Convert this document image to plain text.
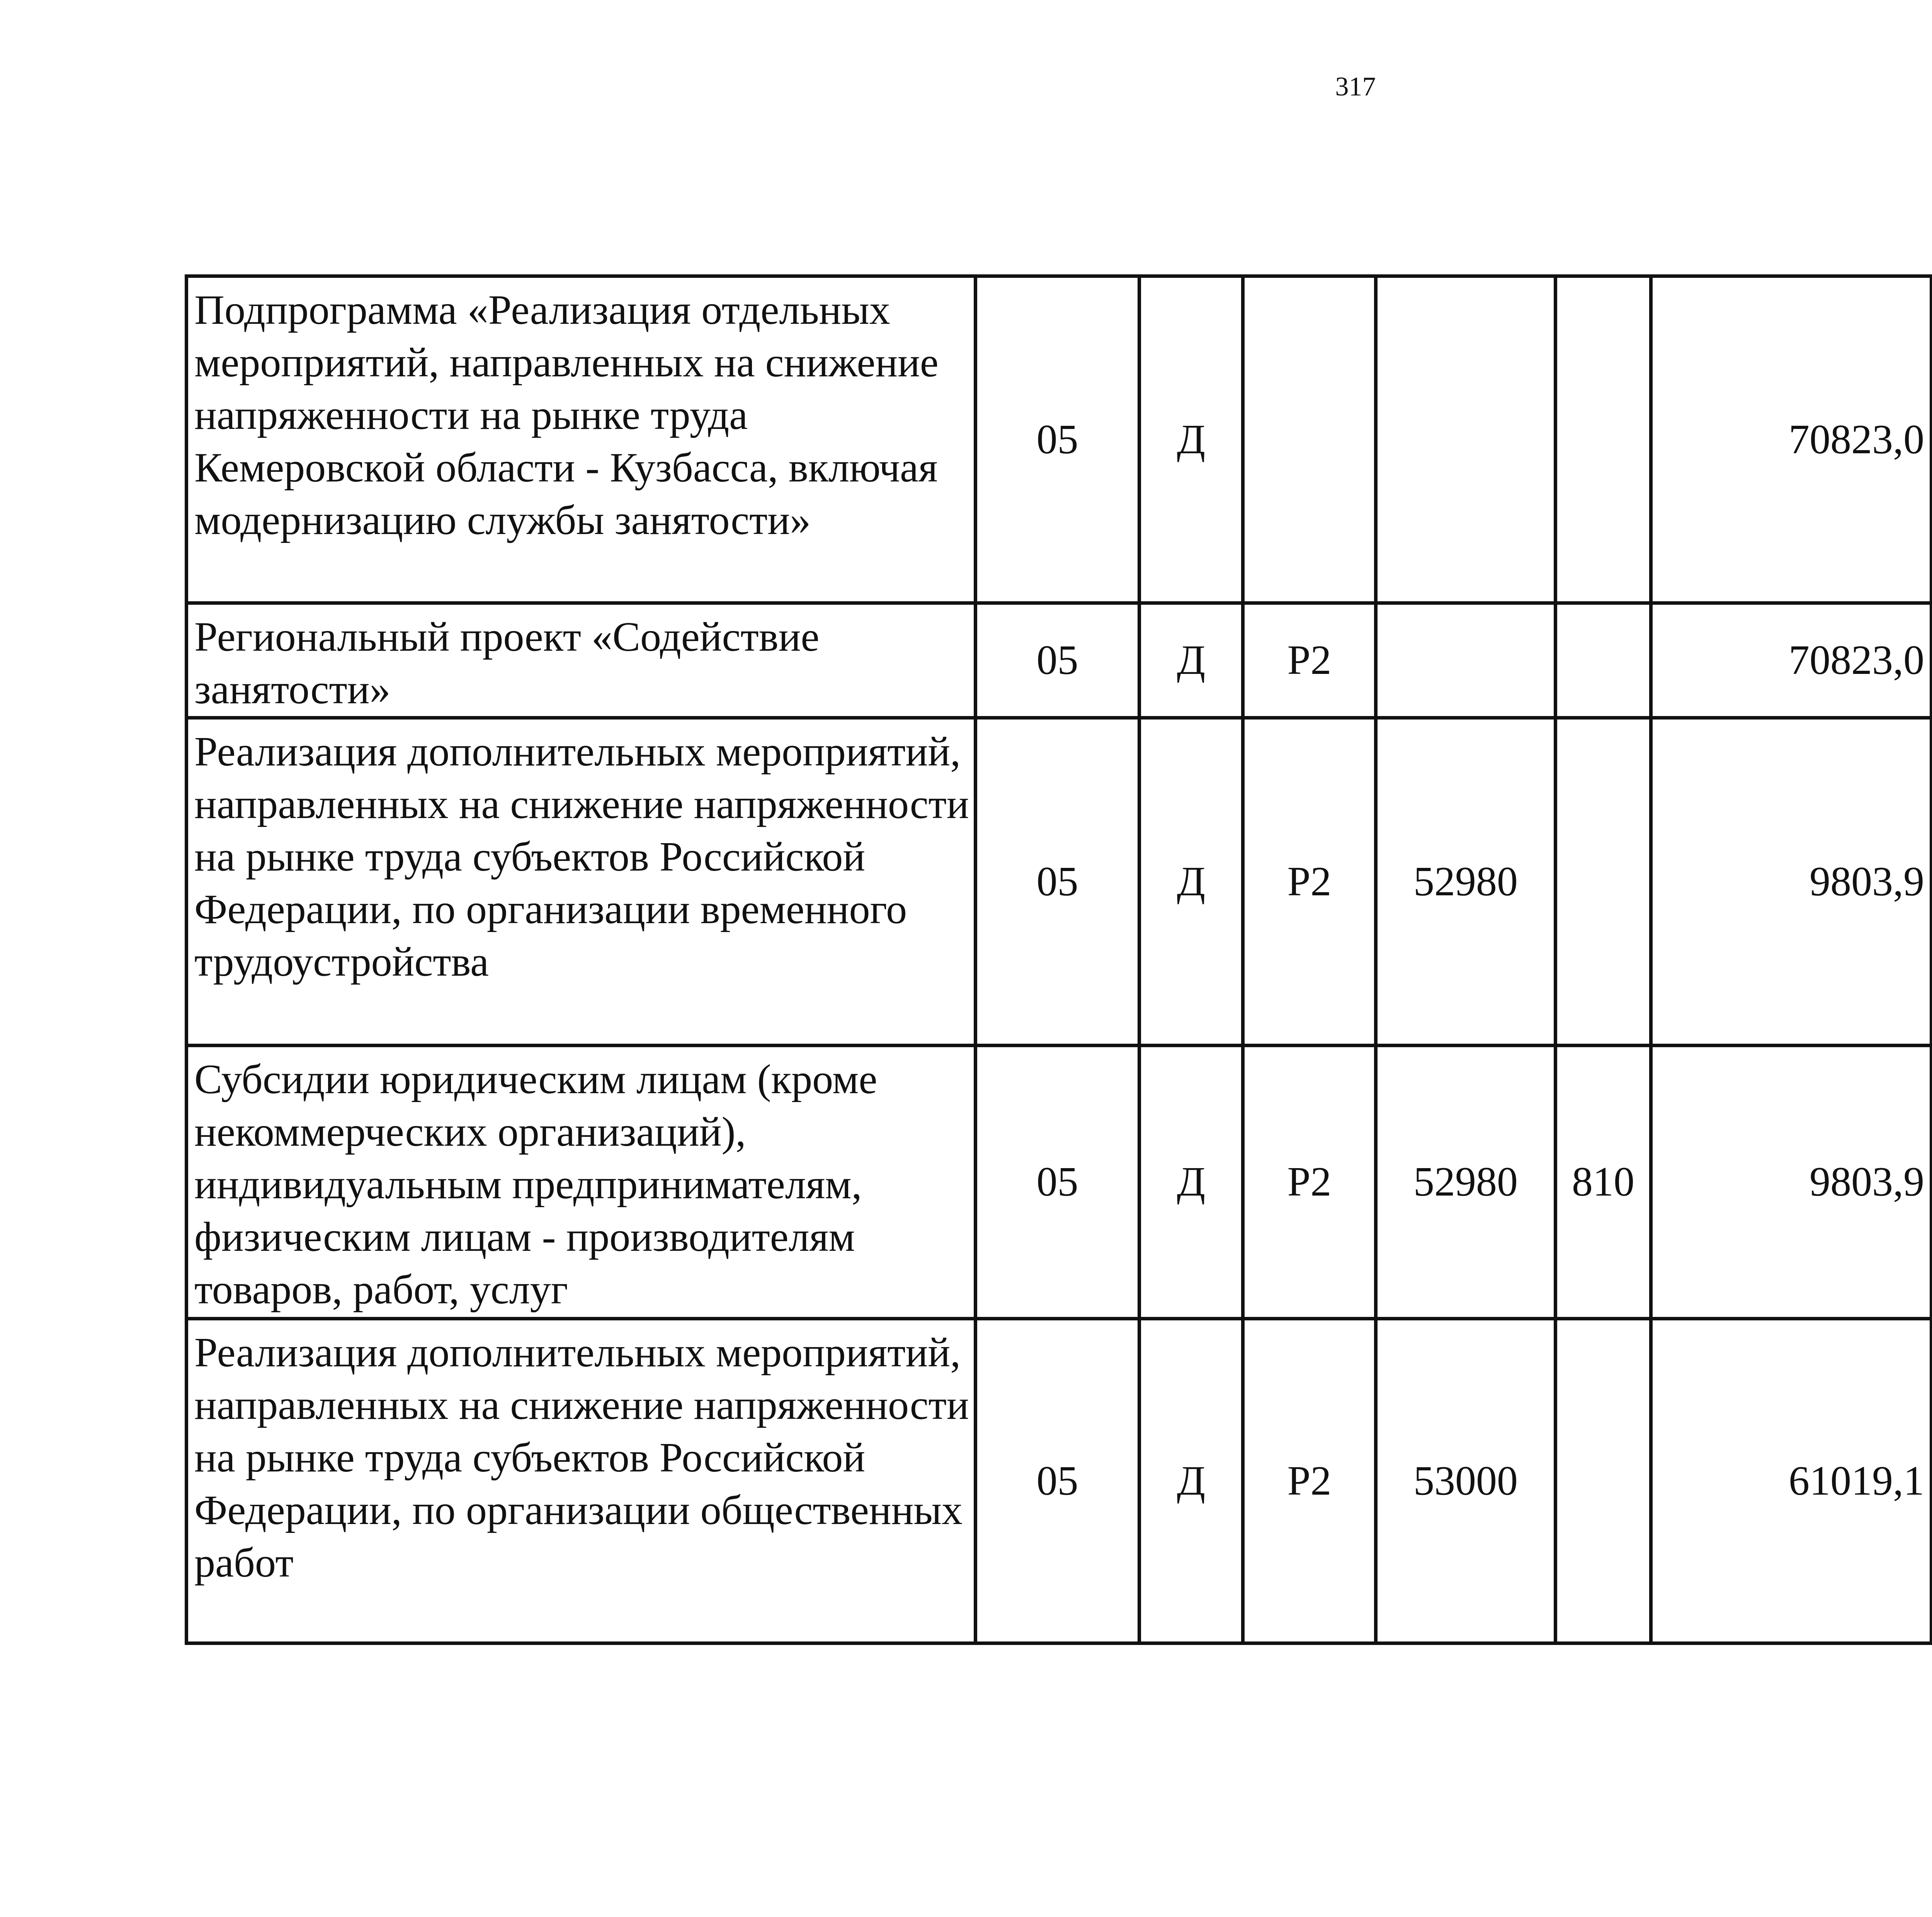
317
Подпрограмма «Реализация отдельных мероприятий, направленных на снижение напряженности на рынке труда Кемеровской области - Кузбасса, включая модернизацию службы занятости»	05	Д				70823,0		

Региональный проект «Содействие занятости»	05	Д	P2			70823,0		

Реализация дополнительных мероприятий, направленных на снижение напряженности на рынке труда субъектов Российской Федерации, по организации временного трудоустройства	05	Д	P2	52980		9803,9		

Субсидии юридическим лицам (кроме некоммерческих организаций), индивидуальным предпринимателям, физическим лицам - производителям товаров, работ, услуг	05	Д	P2	52980	810	9803,9		

Реализация дополнительных мероприятий, направленных на снижение напряженности на рынке труда субъектов Российской Федерации, по организации общественных работ	05	Д	P2	53000		61019,1		
